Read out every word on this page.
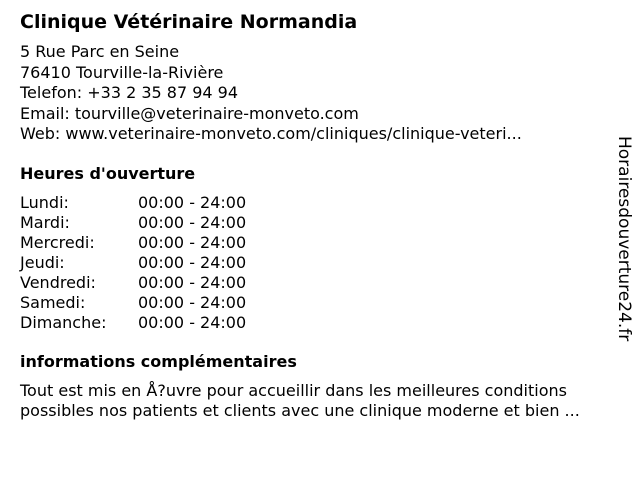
Clinique Vétérinaire Normandia
5 Rue Parc en Seine
76410 Tourville-la-Rivière
Telefon: +33 2 35 87 94 94
Email: tourville@veterinaire-monveto.com
Web: www.veterinaire-monveto.com/cliniques/clinique-veteri...
Heures d'ouverture
Lundi:	00:00 - 24:00
Mardi:	00:00 - 24:00
Mercredi:	00:00 - 24:00
Jeudi:	00:00 - 24:00
Vendredi:	00:00 - 24:00
Samedi:	00:00 - 24:00
Dimanche:	00:00 - 24:00
informations complémentaires
Tout est mis en Å?uvre pour accueillir dans les meilleures conditions
possibles nos patients et clients avec une clinique moderne et bien ...
Horairesdouverture24.fr
